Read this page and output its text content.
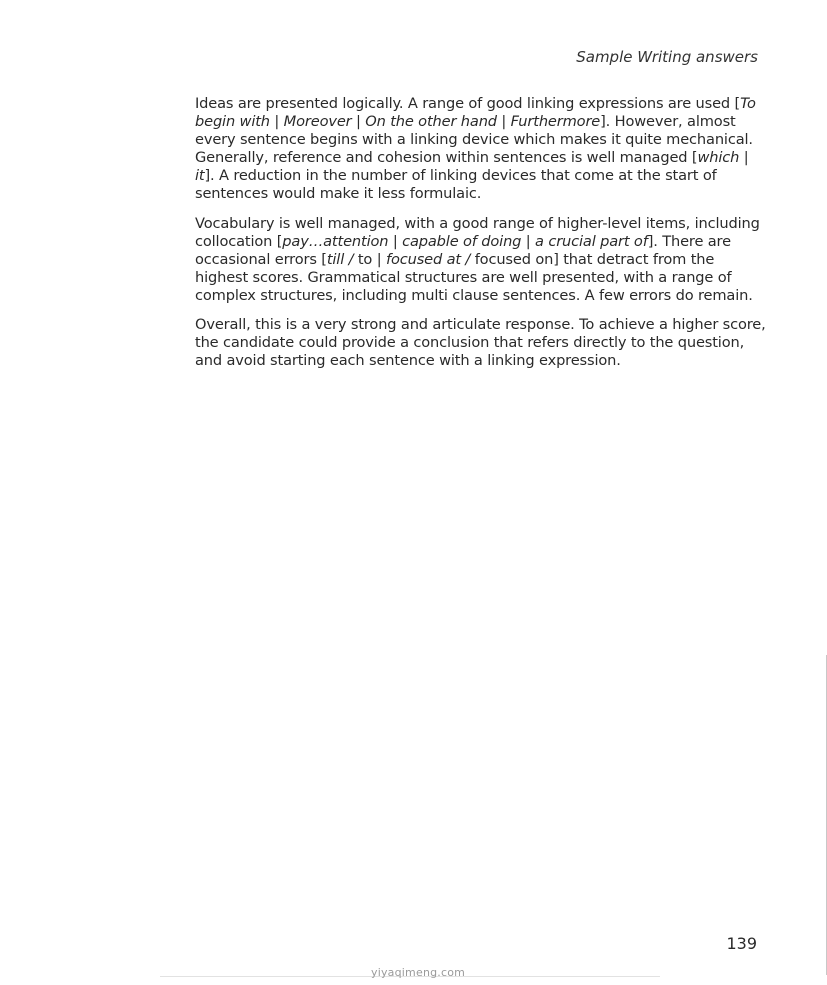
Sample Writing answers

Ideas are presented logically. A range of good linking expressions are used [To begin with | Moreover | On the other hand | Furthermore]. However, almost every sentence begins with a linking device which makes it quite mechanical. Generally, reference and cohesion within sentences is well managed [which | it]. A reduction in the number of linking devices that come at the start of sentences would make it less formulaic.

Vocabulary is well managed, with a good range of higher-level items, including collocation [pay…attention | capable of doing | a crucial part of]. There are occasional errors [till / to | focused at / focused on] that detract from the highest scores. Grammatical structures are well presented, with a range of complex structures, including multi clause sentences. A few errors do remain.

Overall, this is a very strong and articulate response. To achieve a higher score, the candidate could provide a conclusion that refers directly to the question, and avoid starting each sentence with a linking expression.

139
yiyaqimeng.com
